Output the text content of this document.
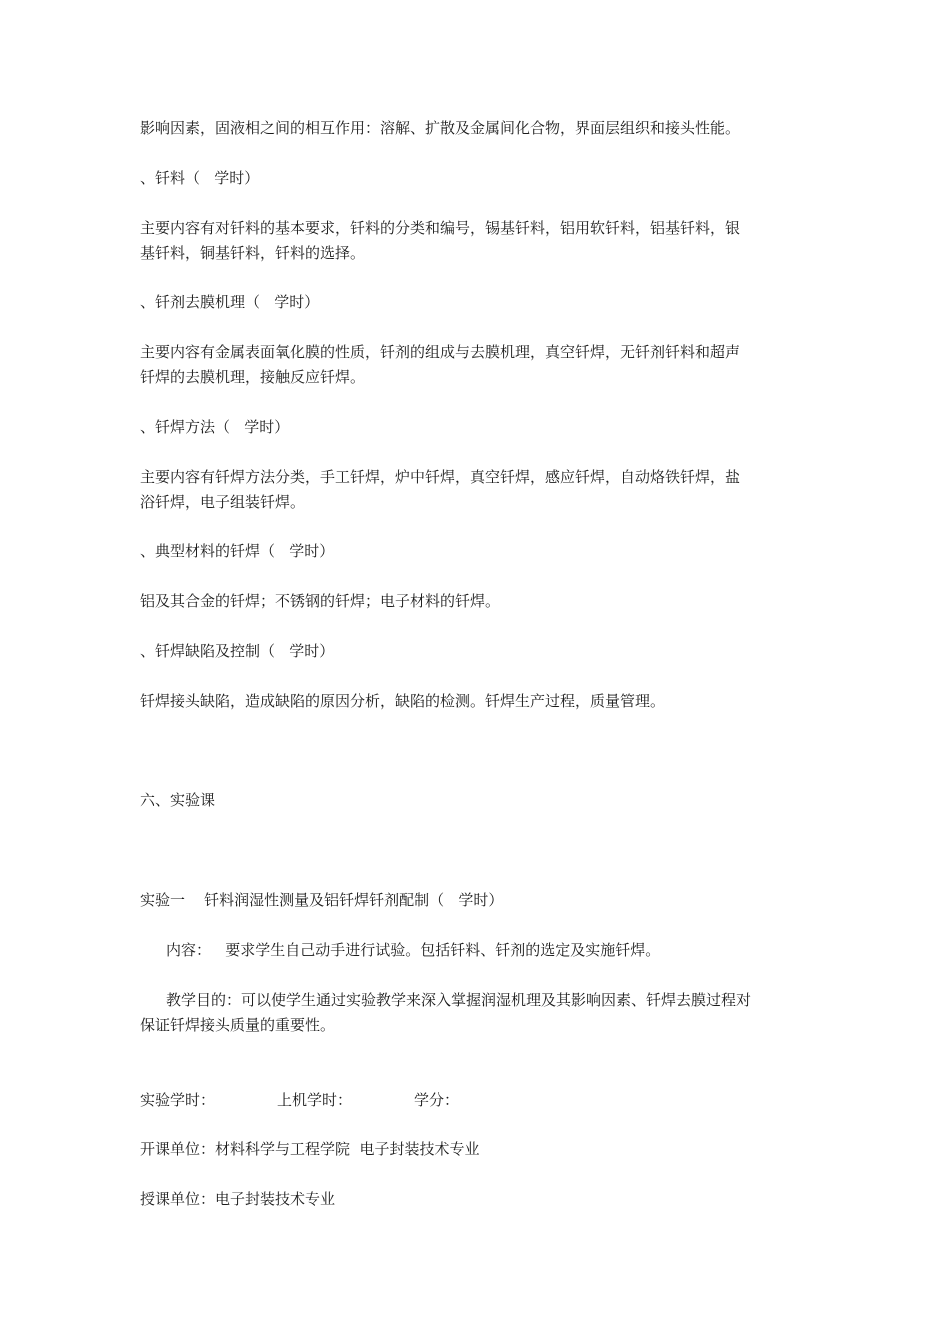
影响因素，固液相之间的相互作用：溶解、扩散及金属间化合物，界面层组织和接头性能。

、钎料（   学时）

主要内容有对钎料的基本要求，钎料的分类和编号，锡基钎料，铝用软钎料，铝基钎料，银

基钎料，铜基钎料，钎料的选择。

、钎剂去膜机理（   学时）

主要内容有金属表面氧化膜的性质，钎剂的组成与去膜机理，真空钎焊，无钎剂钎料和超声

钎焊的去膜机理，接触反应钎焊。

、钎焊方法（   学时）

主要内容有钎焊方法分类，手工钎焊，炉中钎焊，真空钎焊，感应钎焊，自动烙铁钎焊，盐

浴钎焊，电子组装钎焊。

、典型材料的钎焊（   学时）

铝及其合金的钎焊；不锈钢的钎焊；电子材料的钎焊。

、钎焊缺陷及控制（   学时）

钎焊接头缺陷，造成缺陷的原因分析，缺陷的检测。钎焊生产过程，质量管理。

六、实验课

实验一    钎料润湿性测量及铝钎焊钎剂配制（   学时）

内容：   要求学生自己动手进行试验。包括钎料、钎剂的选定及实施钎焊。

教学目的：可以使学生通过实验教学来深入掌握润湿机理及其影响因素、钎焊去膜过程对

保证钎焊接头质量的重要性。

实验学时：             上机学时：             学分：

开课单位：材料科学与工程学院  电子封装技术专业

授课单位：电子封装技术专业
